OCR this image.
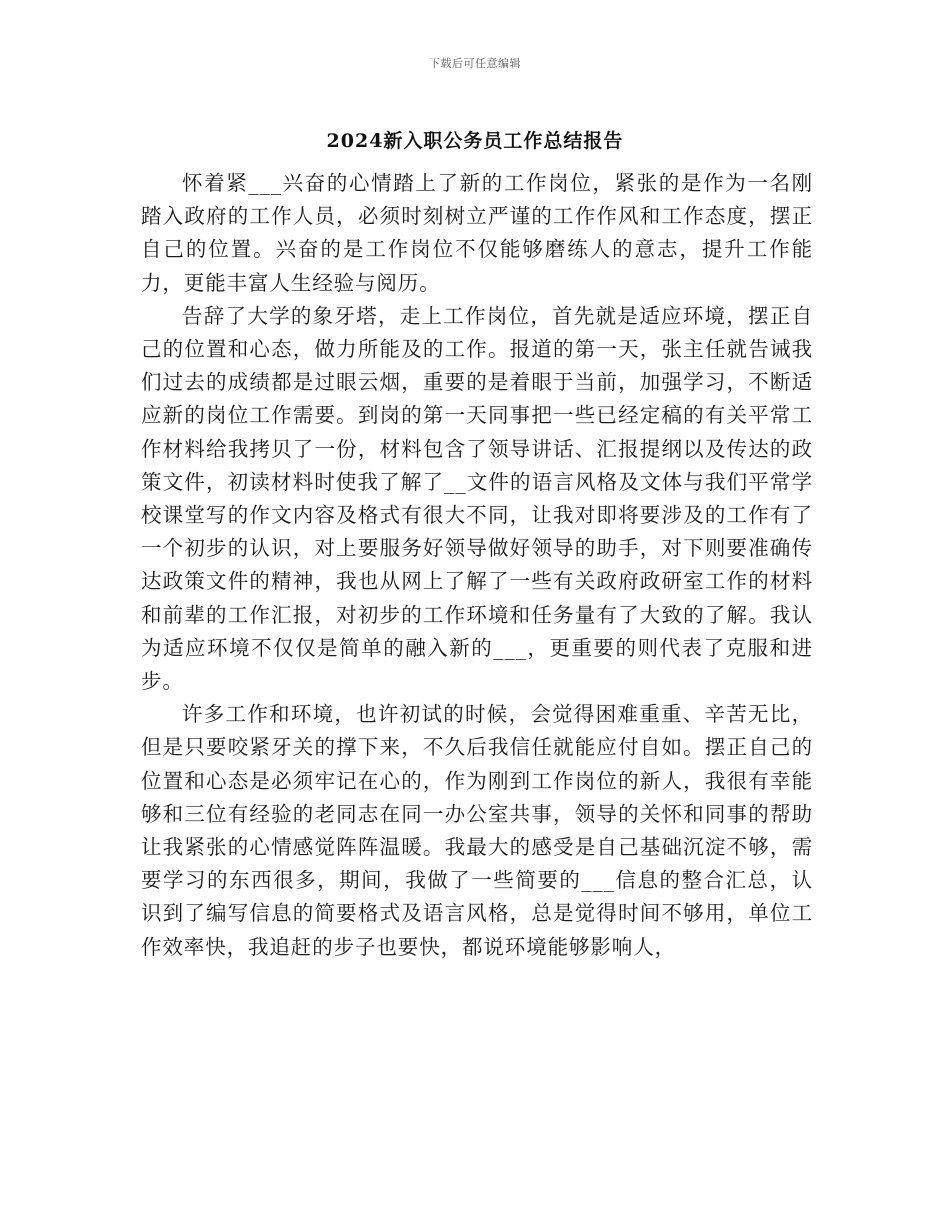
下载后可任意编辑
2024新入职公务员工作总结报告

怀着紧___兴奋的心情踏上了新的工作岗位，紧张的是作为一名刚踏入政府的工作人员，必须时刻树立严谨的工作作风和工作态度，摆正自己的位置。兴奋的是工作岗位不仅能够磨练人的意志，提升工作能力，更能丰富人生经验与阅历。

告辞了大学的象牙塔，走上工作岗位，首先就是适应环境，摆正自己的位置和心态，做力所能及的工作。报道的第一天，张主任就告诫我们过去的成绩都是过眼云烟，重要的是着眼于当前，加强学习，不断适应新的岗位工作需要。到岗的第一天同事把一些已经定稿的有关平常工作材料给我拷贝了一份，材料包含了领导讲话、汇报提纲以及传达的政策文件，初读材料时使我了解了__文件的语言风格及文体与我们平常学校课堂写的作文内容及格式有很大不同，让我对即将要涉及的工作有了一个初步的认识，对上要服务好领导做好领导的助手，对下则要准确传达政策文件的精神，我也从网上了解了一些有关政府政研室工作的材料和前辈的工作汇报，对初步的工作环境和任务量有了大致的了解。我认为适应环境不仅仅是简单的融入新的___，更重要的则代表了克服和进步。

许多工作和环境，也许初试的时候，会觉得困难重重、辛苦无比，但是只要咬紧牙关的撑下来，不久后我信任就能应付自如。摆正自己的位置和心态是必须牢记在心的，作为刚到工作岗位的新人，我很有幸能够和三位有经验的老同志在同一办公室共事，领导的关怀和同事的帮助让我紧张的心情感觉阵阵温暖。我最大的感受是自己基础沉淀不够，需要学习的东西很多，期间，我做了一些简要的___信息的整合汇总，认识到了编写信息的简要格式及语言风格，总是觉得时间不够用，单位工作效率快，我追赶的步子也要快，都说环境能够影响人，
